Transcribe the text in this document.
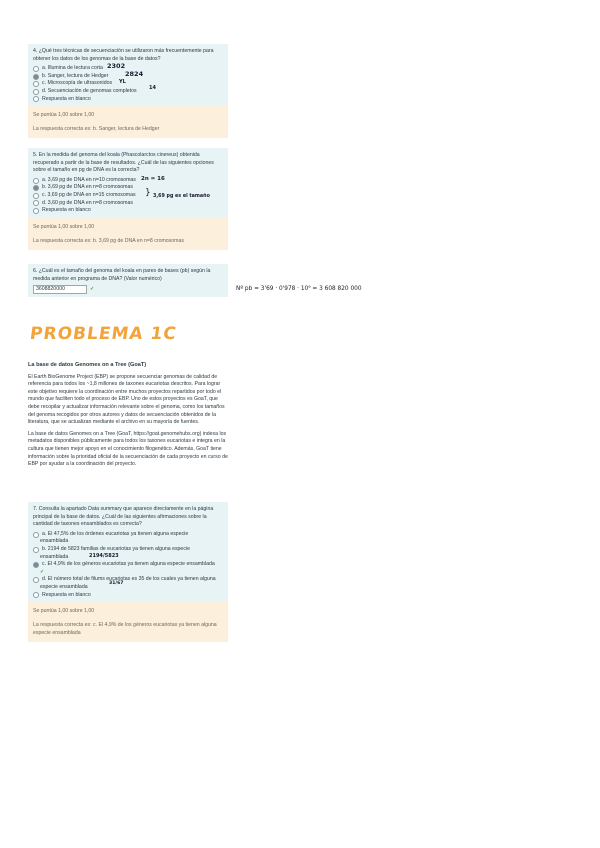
4. ¿Qué tres técnicas de secuenciación se utilizaron más frecuentemente para obtener los datos de los genomas de la base de datos?

a. Illumina de lectura corta 2302
b. Sanger, lectura de Hedger	2824
c. Microscopía de ultrasonidos YL
d. Secuenciación de genomas completos 14
Respuesta en blanco
Se puntúa 1,00 sobre 1,00
La respuesta correcta es: b. Sanger, lectura de Hedger

5. En la medida del genoma del koala (Phascolarctos cinereus) obtenida recuperado a partir de la base de resultados. ¿Cuál de las siguientes opciones sobre el tamaño en pg de DNA es la correcta?

a. 3,69 pg de DNA en n=10 cromosomas 2n = 16
b. 3,69 pg de DNA en n=8 cromosomas
c. 3,69 pg de DNA en n=15 cromosomas } 3,69 pg es el tamaño
d. 3,60 pg de DNA en n=8 cromosomas
Respuesta en blanco
Se puntúa 1,00 sobre 1,00
La respuesta correcta es: b. 3,69 pg de DNA en n=8 cromosomas

6. ¿Cuál es el tamaño del genoma del koala en pares de bases (pb) según la medida anterior en programa de DNA? (Valor numérico)

3608820000	✓	Nº pb = 3'69 · 0'978 · 10⁹ = 3 608 820 000
PROBLEMA 1C
La base de datos Genomes on a Tree (GoaT)

El Earth BioGenome Project (EBP) se propone secuenciar genomas de calidad de referencia para todos los ~1,8 millones de taxones eucariotas descritos. Para lograr este objetivo requiere la coordinación entre muchos proyectos repartidos por todo el mundo que faciliten todo el proceso de EBP. Uno de estos proyectos es GoaT, que debe recopilar y actualizar información relevante sobre el genoma, como los tamaños del genoma recogidos por otros autores y datos de secuenciación obtenidos de la literatura, que se actualizan mediante el archivo en su mayoría de fuentes.

La base de datos Genomes on a Tree (GoaT, https://goat.genomehubs.org) indexa los metadatos disponibles públicamente para todos los taxones eucariotas e integra en la cultura que tienen mejor apoyo en el conocimiento filogenético. Además, GoaT tiene información sobre la prioridad oficial de la secuenciación de cada proyecto en curso de EBP por ayudar a la coordinación del proyecto.

7. Consulta la apartado Data summary que aparece directamente en la página principal de la base de datos. ¿Cuál de las siguientes afirmaciones sobre la cantidad de taxones ensamblados es correcta?

a. El 47,5% de los órdenes eucariotas ya tienen alguna especie
ensamblada
b. 2194 de 5823 familias de eucariotas ya tienen alguna especie
ensamblada	2194/5823
c. El 4,9% de los géneros eucariotas ya tienen alguna especie ensamblada
✓
d. El número total de filums eucariotas es 35 de los cuales ya tienen alguna
especie ensamblada
31/67
Respuesta en blanco
Se puntúa 1,00 sobre 1,00
La respuesta correcta es: c. El 4,9% de los géneros eucariotas ya tienen alguna especie ensamblada
